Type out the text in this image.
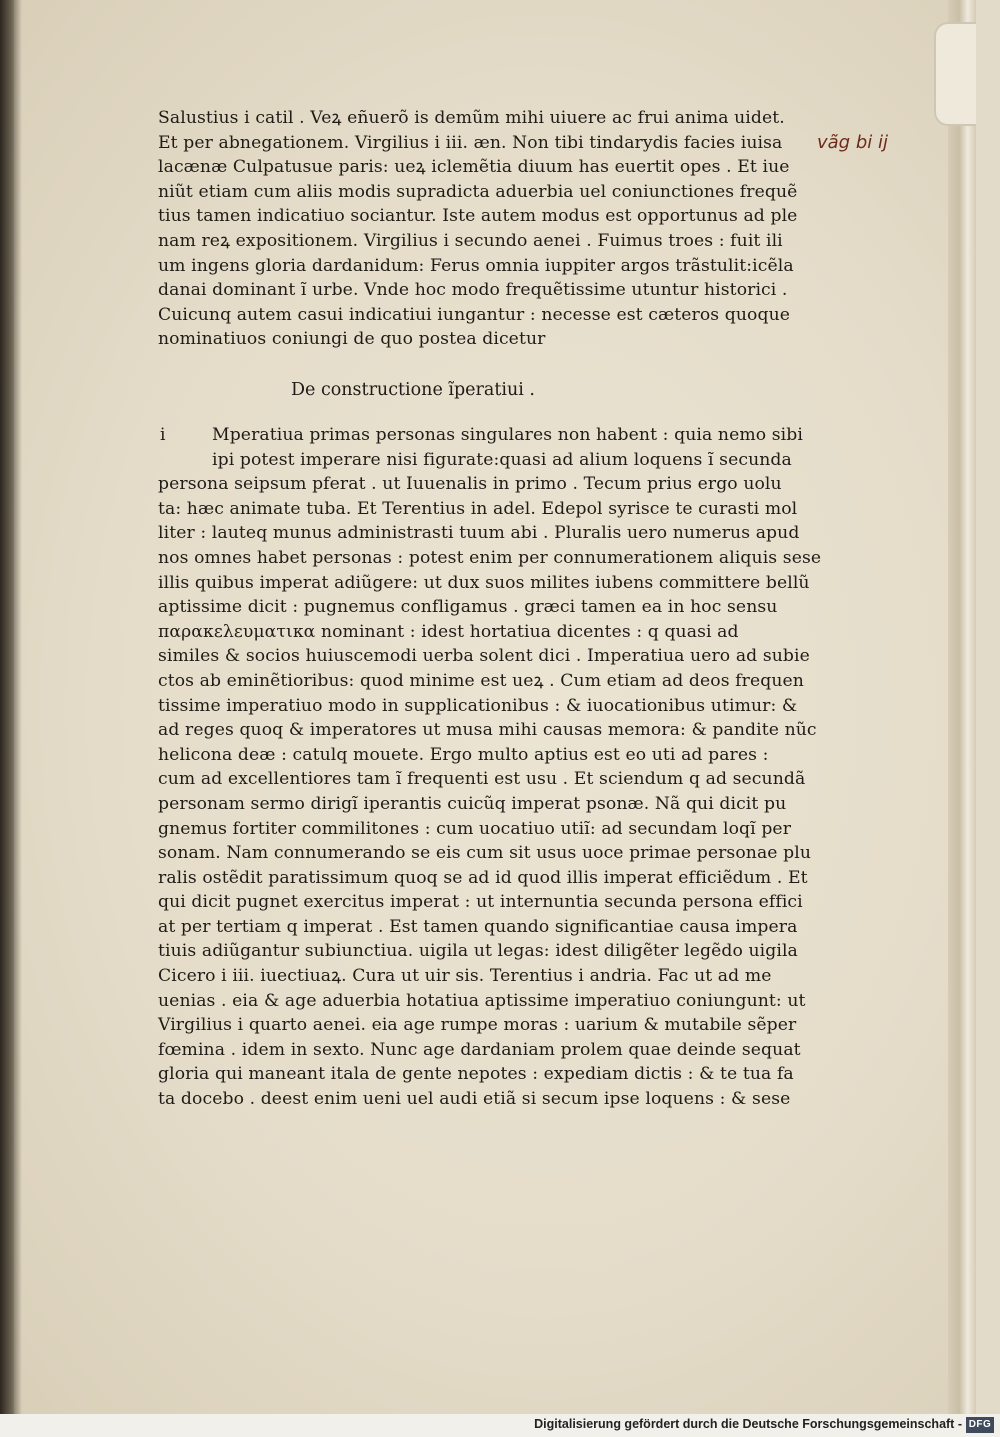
vãg bi ij
Salustius i catil . Veꝝ eñuerõ is demũm mihi uiuere ac frui anima uidet.
Et per abnegationem. Virgilius i iii. æn. Non tibi tindarydis facies iuisa
lacænæ Culpatusue paris: ueꝝ iclemẽtia diuum has euertit opes . Et iue
niũt etiam cum aliis modis supradicta aduerbia uel coniunctiones frequẽ
tius tamen indicatiuo sociantur. Iste autem modus est opportunus ad ple
nam reꝝ expositionem. Virgilius i secundo aenei . Fuimus troes : fuit ili
um ingens gloria dardanidum: Ferus omnia iuppiter argos trãstulit:icẽla
danai dominant ĩ urbe. Vnde hoc modo frequẽtissime utuntur historici .
Cuicunq autem casui indicatiui iungantur : necesse est cæteros quoque
nominatiuos coniungi de quo postea dicetur
De constructione ĩperatiui .
i	Mperatiua primas personas singulares non habent : quia nemo sibi
ipi potest imperare nisi figurate:quasi ad alium loquens ĩ secunda
persona seipsum pferat . ut Iuuenalis in primo . Tecum prius ergo uolu
ta: hæc animate tuba. Et Terentius in adel. Edepol syrisce te curasti mol
liter : lauteq munus administrasti tuum abi . Pluralis uero numerus apud
nos omnes habet personas : potest enim per connumerationem aliquis sese
illis quibus imperat adiũgere: ut dux suos milites iubens committere bellũ
aptissime dicit : pugnemus confligamus . græci tamen ea in hoc sensu
παρακελευματικα nominant : idest hortatiua dicentes : q quasi ad
similes & socios huiuscemodi uerba solent dici . Imperatiua uero ad subie
ctos ab eminẽtioribus: quod minime est ueꝝ . Cum etiam ad deos frequen
tissime imperatiuo modo in supplicationibus : & iuocationibus utimur: &
ad reges quoq & imperatores ut musa mihi causas memora: & pandite nũc
helicona deæ : catulq mouete. Ergo multo aptius est eo uti ad pares :
cum ad excellentiores tam ĩ frequenti est usu . Et sciendum q ad secundã
personam sermo dirigĩ iperantis cuicũq imperat psonæ. Nã qui dicit pu
gnemus fortiter commilitones : cum uocatiuo utiĩ: ad secundam loqĩ per
sonam. Nam connumerando se eis cum sit usus uoce primae personae plu
ralis ostẽdit paratissimum quoq se ad id quod illis imperat efficiẽdum . Et
qui dicit pugnet exercitus imperat : ut internuntia secunda persona effici
at per tertiam q imperat . Est tamen quando significantiae causa impera
tiuis adiũgantur subiunctiua. uigila ut legas: idest diligẽter legẽdo uigila
Cicero i iii. iuectiuaꝝ. Cura ut uir sis. Terentius i andria. Fac ut ad me
uenias . eia & age aduerbia hotatiua aptissime imperatiuo coniungunt: ut
Virgilius i quarto aenei. eia age rumpe moras : uarium & mutabile sẽper
fœmina . idem in sexto. Nunc age dardaniam prolem quae deinde sequat
gloria qui maneant itala de gente nepotes : expediam dictis : & te tua fa
ta docebo . deest enim ueni uel audi etiã si secum ipse loquens : & sese
Digitalisierung gefördert durch die Deutsche Forschungsgemeinschaft - DFG
